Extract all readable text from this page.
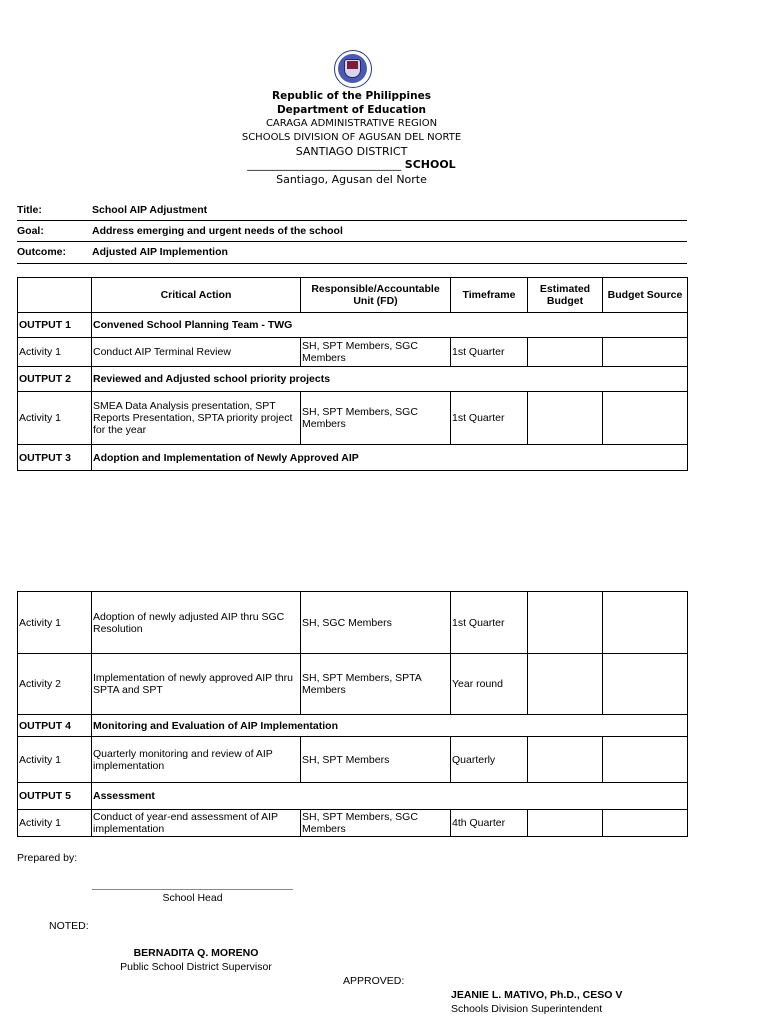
Republic of the Philippines
Department of Education
CARAGA ADMINISTRATIVE REGION
SCHOOLS DIVISION OF AGUSAN DEL NORTE
SANTIAGO DISTRICT
____________________________ SCHOOL
Santiago, Agusan del Norte
Title:	School AIP Adjustment
Goal:	Address emerging and urgent needs of the school
Outcome: Adjusted AIP Implemention
	Critical Action	Responsible/Accountable Unit (FD)	Timeframe	Estimated Budget	Budget Source
OUTPUT 1	Convened School Planning Team - TWG				
Activity 1	Conduct AIP Terminal Review	SH, SPT Members, SGC Members	1st Quarter		
OUTPUT 2	Reviewed and Adjusted school priority projects				
Activity 1	SMEA Data Analysis presentation, SPT Reports Presentation, SPTA priority project for the year	SH, SPT Members, SGC Members	1st Quarter		
OUTPUT 3	Adoption and Implementation of Newly Approved AIP				
Activity 1	Adoption of newly adjusted AIP thru SGC Resolution	SH, SGC Members	1st Quarter		
Activity 2	Implementation of newly approved AIP thru SPTA and SPT	SH, SPT Members, SPTA Members	Year round		
OUTPUT 4	Monitoring and Evaluation of AIP Implementation				
Activity 1	Quarterly monitoring and review of AIP implementation	SH, SPT Members	Quarterly		
OUTPUT 5	Assessment				
Activity 1	Conduct of year-end assessment of AIP implementation	SH, SPT Members, SGC Members	4th Quarter		
Prepared by:
School Head
NOTED:
BERNADITA Q. MORENO
Public School District Supervisor
APPROVED:
JEANIE L. MATIVO, Ph.D., CESO V
Schools Division Superintendent
